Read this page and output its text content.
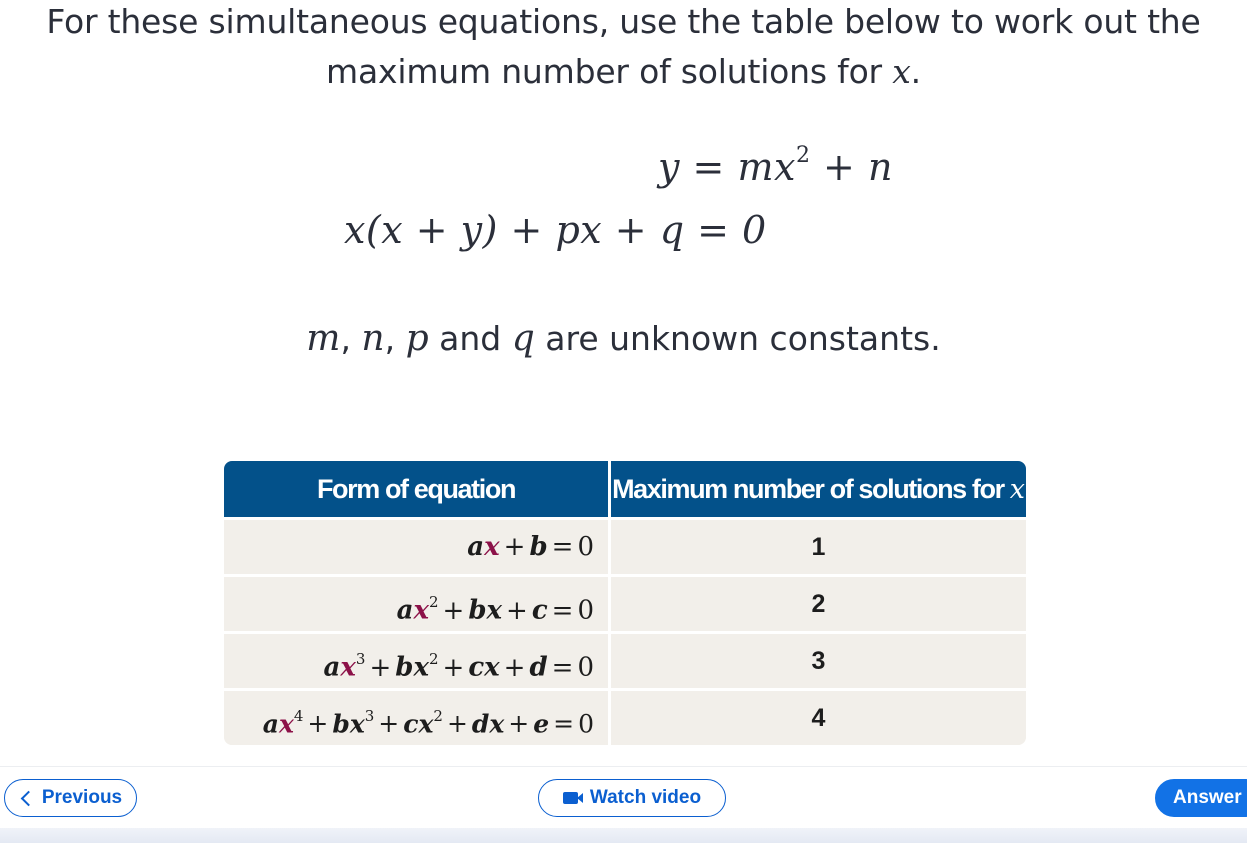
For these simultaneous equations, use the table below to work out the
maximum number of solutions for x.
$y = mx^2 + n$
x(x + y) + px + q = 0
m, n, p and q are unknown constants.
Form of equation	Maximum number of solutions for x
ax + b = 0	1
$ax^2$ + bx + c = 0	2
$ax^3 + bx^2$ + cx + d = 0	3
$ax^4 + bx^3 + cx^2$ + dx + e = 0	4
Previous	Watch video	Answer
